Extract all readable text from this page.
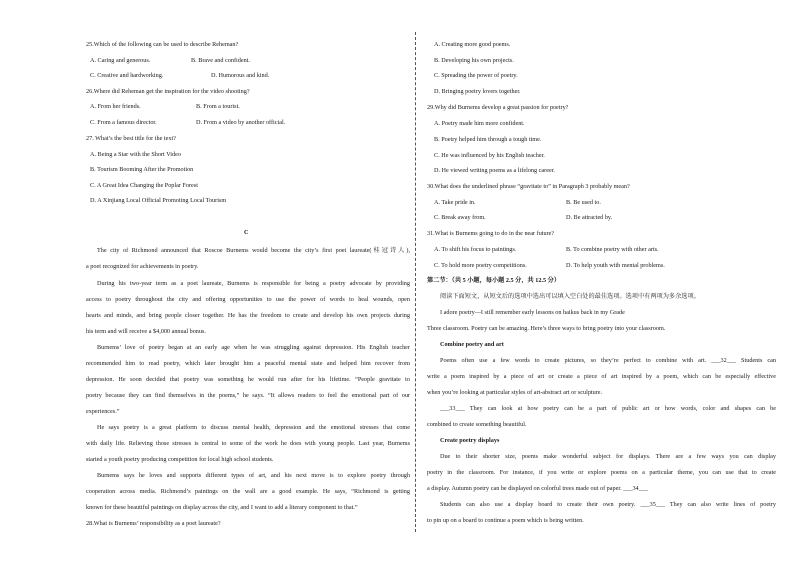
25.Which of the following can be used to describe Reheman?
A. Caring and generous.	B. Brave and confident.
C. Creative and hardworking.	D. Humorous and kind.
26.Where did Reheman get the inspiration for the video shooting?
A. From her friends.	B. From a tourist.
C. From a famous director.	D. From a video by another official.
27. What’s the best title for the text?
A. Being a Star with the Short Video
B. Tourism Booming After the Promotion
C. A Great Idea Changing the Poplar Forest
D. A Xinjiang Local Official Promoting Local Tourism
C
The city of Richmond announced that Roscoe Burnems would become the city’s first poet laureate(桂冠诗人),
a poet recognized for achievements in poetry.
During his two-year term as a poet laureate, Burnems is responsible for being a poetry advocate by providing
access to poetry throughout the city and offering opportunities to use the power of words to heal wounds, open
hearts and minds, and bring people closer together. He has the freedom to create and develop his own projects during
his term and will receive a $4,000 annual bonus.
Burnems’ love of poetry began at an early age when he was struggling against depression. His English teacher
recommended him to read poetry, which later brought him a peaceful mental state and helped him recover from
depression. He soon decided that poetry was something he would run after for his lifetime. “People gravitate to
poetry because they can find themselves in the poems,” he says. “It allows readers to feel the emotional part of our
experiences.”
He says poetry is a great platform to discuss mental health, depression and the emotional stresses that come
with daily life. Relieving those stresses is central to some of the work he does with young people. Last year, Burnems
started a youth poetry producing competition for local high school students.
Burnems says he loves and supports different types of art, and his next move is to explore poetry through
cooperation across media. Richmond’s paintings on the wall are a good example. He says, “Richmond is getting
known for these beautiful paintings on display across the city, and I want to add a literary component to that.”
28.What is Burnems’ responsibility as a poet laureate?
A. Creating more good poems.
B. Developing his own projects.
C. Spreading the power of poetry.
D. Bringing poetry lovers together.
29.Why did Burnems develop a great passion for poetry?
A. Poetry made him more confident.
B. Poetry helped him through a tough time.
C. He was influenced by his English teacher.
D. He viewed writing poems as a lifelong career.
30.What does the underlined phrase “gravitate to” in Paragraph 3 probably mean?
A. Take pride in.	B. Be used to.
C. Break away from.	D. Be attracted by.
31.What is Burnems going to do in the near future?
A. To shift his focus to paintings.	B. To combine poetry with other arts.
C. To hold more poetry competitions.	D. To help youth with mental problems.
第二节：（共 5 小题，每小题 2.5 分，共 12.5 分）
阅读下面短文，从短文后的选项中选出可以填入空白处的最佳选项。选项中有两项为多余选项。
I adore poetry—I still remember early lessons on haikus back in my Grade
Three classroom. Poetry can be amazing. Here’s three ways to bring poetry into your classroom.
Combine poetry and art
Poems often use a few words to create pictures, so they’re perfect to combine with art. ___32___ Students can
write a poem inspired by a piece of art or create a piece of art inspired by a poem, which can be especially effective
when you’re looking at particular styles of art-abstract art or sculpture.
___33___ They can look at how poetry can be a part of public art or how words, color and shapes can be
combined to create something beautiful.
Create poetry displays
Due to their shorter size, poems make wonderful subject for displays. There are a few ways you can display
poetry in the classroom. For instance, if you write or explore poems on a particular theme, you can use that to create
a display. Autumn poetry can be displayed on colorful trees made out of paper. ___34___
Students can also use a display board to create their own poetry. ___35___ They can also write lines of poetry
to pin up on a board to continue a poem which is being written.
